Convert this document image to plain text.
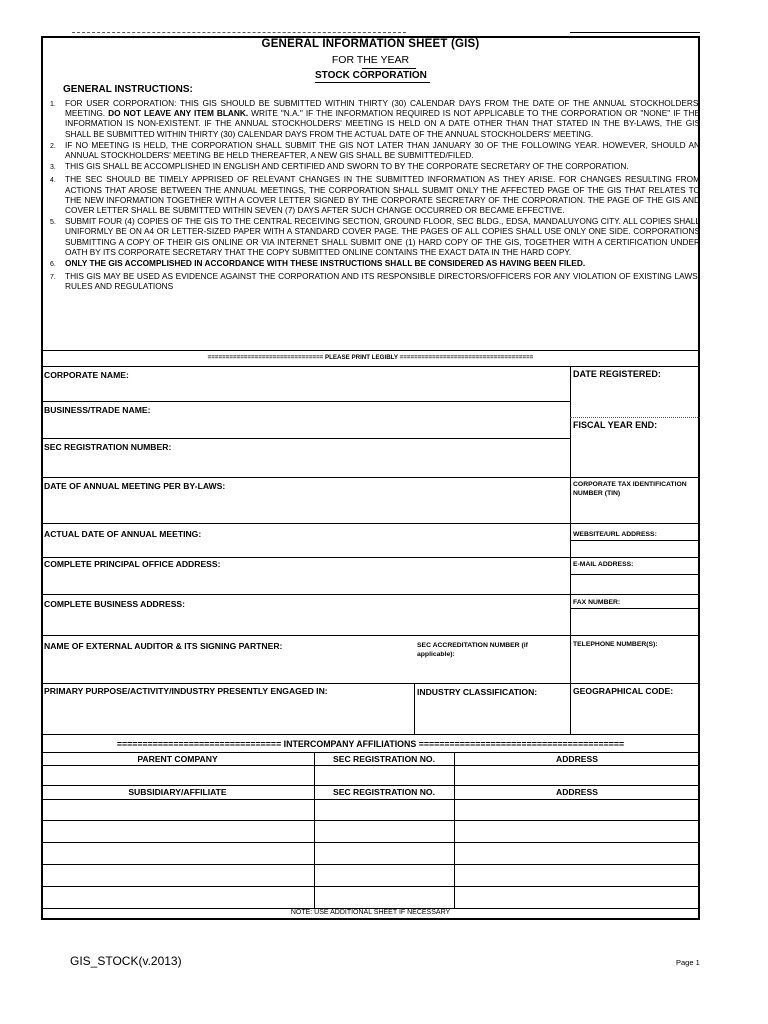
GENERAL INFORMATION SHEET (GIS)
FOR THE YEAR
STOCK CORPORATION
GENERAL INSTRUCTIONS:
1.	FOR USER CORPORATION: THIS GIS SHOULD BE SUBMITTED WITHIN THIRTY (30) CALENDAR DAYS FROM THE DATE OF THE ANNUAL STOCKHOLDERS' MEETING. DO NOT LEAVE ANY ITEM BLANK. WRITE "N.A." IF THE INFORMATION REQUIRED IS NOT APPLICABLE TO THE CORPORATION OR "NONE" IF THE INFORMATION IS NON-EXISTENT. IF THE ANNUAL STOCKHOLDERS' MEETING IS HELD ON A DATE OTHER THAN THAT STATED IN THE BY-LAWS, THE GIS SHALL BE SUBMITTED WITHIN THIRTY (30) CALENDAR DAYS FROM THE ACTUAL DATE OF THE ANNUAL STOCKHOLDERS' MEETING.
2.	IF NO MEETING IS HELD, THE CORPORATION SHALL SUBMIT THE GIS NOT LATER THAN JANUARY 30 OF THE FOLLOWING YEAR. HOWEVER, SHOULD AN ANNUAL STOCKHOLDERS' MEETING BE HELD THEREAFTER, A NEW GIS SHALL BE SUBMITTED/FILED.
3.	THIS GIS SHALL BE ACCOMPLISHED IN ENGLISH AND CERTIFIED AND SWORN TO BY THE CORPORATE SECRETARY OF THE CORPORATION.
4.	THE SEC SHOULD BE TIMELY APPRISED OF RELEVANT CHANGES IN THE SUBMITTED INFORMATION AS THEY ARISE. FOR CHANGES RESULTING FROM ACTIONS THAT AROSE BETWEEN THE ANNUAL MEETINGS, THE CORPORATION SHALL SUBMIT ONLY THE AFFECTED PAGE OF THE GIS THAT RELATES TO THE NEW INFORMATION TOGETHER WITH A COVER LETTER SIGNED BY THE CORPORATE SECRETARY OF THE CORPORATION. THE PAGE OF THE GIS AND COVER LETTER SHALL BE SUBMITTED WITHIN SEVEN (7) DAYS AFTER SUCH CHANGE OCCURRED OR BECAME EFFECTIVE.
5.	SUBMIT FOUR (4) COPIES OF THE GIS TO THE CENTRAL RECEIVING SECTION, GROUND FLOOR, SEC BLDG., EDSA, MANDALUYONG CITY. ALL COPIES SHALL UNIFORMLY BE ON A4 OR LETTER-SIZED PAPER WITH A STANDARD COVER PAGE. THE PAGES OF ALL COPIES SHALL USE ONLY ONE SIDE. CORPORATIONS SUBMITTING A COPY OF THEIR GIS ONLINE OR VIA INTERNET SHALL SUBMIT ONE (1) HARD COPY OF THE GIS, TOGETHER WITH A CERTIFICATION UNDER OATH BY ITS CORPORATE SECRETARY THAT THE COPY SUBMITTED ONLINE CONTAINS THE EXACT DATA IN THE HARD COPY.
6.	ONLY THE GIS ACCOMPLISHED IN ACCORDANCE WITH THESE INSTRUCTIONS SHALL BE CONSIDERED AS HAVING BEEN FILED.
7.	THIS GIS MAY BE USED AS EVIDENCE AGAINST THE CORPORATION AND ITS RESPONSIBLE DIRECTORS/OFFICERS FOR ANY VIOLATION OF EXISTING LAWS, RULES AND REGULATIONS
================================ PLEASE PRINT LEGIBLY =====================================
CORPORATE NAME:	DATE REGISTERED:
BUSINESS/TRADE NAME:
FISCAL YEAR END:
SEC REGISTRATION NUMBER:
DATE OF ANNUAL MEETING PER BY-LAWS:	CORPORATE TAX IDENTIFICATION NUMBER (TIN)
ACTUAL DATE OF ANNUAL MEETING:	WEBSITE/URL ADDRESS:
COMPLETE PRINCIPAL OFFICE ADDRESS:	E-MAIL ADDRESS:
COMPLETE BUSINESS ADDRESS:	FAX NUMBER:
NAME OF EXTERNAL AUDITOR & ITS SIGNING PARTNER:	SEC ACCREDITATION NUMBER (if applicable):
TELEPHONE NUMBER(S):
PRIMARY PURPOSE/ACTIVITY/INDUSTRY PRESENTLY ENGAGED IN:	INDUSTRY CLASSIFICATION:	GEOGRAPHICAL CODE:
================================ INTERCOMPANY AFFILIATIONS ========================================
PARENT COMPANY	SEC REGISTRATION NO.	ADDRESS
SUBSIDIARY/AFFILIATE	SEC REGISTRATION NO.	ADDRESS
NOTE: USE ADDITIONAL SHEET IF NECESSARY
GIS_STOCK(v.2013)	Page 1
